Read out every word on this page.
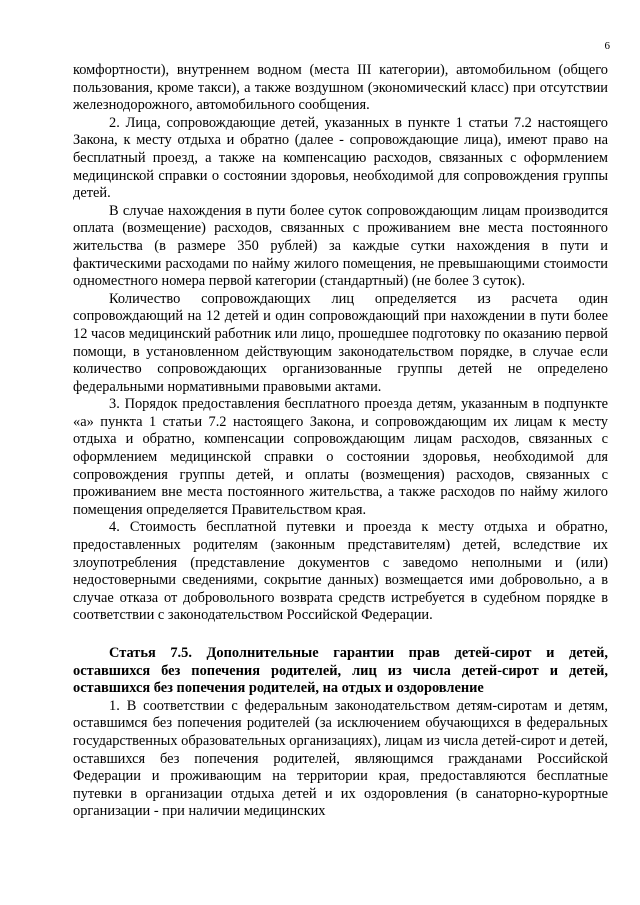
6

комфортности), внутреннем водном (места III категории), автомобильном (общего пользования, кроме такси), а также воздушном (экономический класс) при отсутствии железнодорожного, автомобильного сообщения.

2. Лица, сопровождающие детей, указанных в пункте 1 статьи 7.2 настоящего Закона, к месту отдыха и обратно (далее - сопровождающие лица), имеют право на бесплатный проезд, а также на компенсацию расходов, связанных с оформлением медицинской справки о состоянии здоровья, необходимой для сопровождения группы детей.

В случае нахождения в пути более суток сопровождающим лицам производится оплата (возмещение) расходов, связанных с проживанием вне места постоянного жительства (в размере 350 рублей) за каждые сутки нахождения в пути и фактическими расходами по найму жилого помещения, не превышающими стоимости одноместного номера первой категории (стандартный) (не более 3 суток).

Количество сопровождающих лиц определяется из расчета один сопровождающий на 12 детей и один сопровождающий при нахождении в пути более 12 часов медицинский работник или лицо, прошедшее подготовку по оказанию первой помощи, в установленном действующим законодательством порядке, в случае если количество сопровождающих организованные группы детей не определено федеральными нормативными правовыми актами.

3. Порядок предоставления бесплатного проезда детям, указанным в подпункте «а» пункта 1 статьи 7.2 настоящего Закона, и сопровождающим их лицам к месту отдыха и обратно, компенсации сопровождающим лицам расходов, связанных с оформлением медицинской справки о состоянии здоровья, необходимой для сопровождения группы детей, и оплаты (возмещения) расходов, связанных с проживанием вне места постоянного жительства, а также расходов по найму жилого помещения определяется Правительством края.

4. Стоимость бесплатной путевки и проезда к месту отдыха и обратно, предоставленных родителям (законным представителям) детей, вследствие их злоупотребления (представление документов с заведомо неполными и (или) недостоверными сведениями, сокрытие данных) возмещается ими добровольно, а в случае отказа от добровольного возврата средств истребуется в судебном порядке в соответствии с законодательством Российской Федерации.

Статья 7.5. Дополнительные гарантии прав детей-сирот и детей, оставшихся без попечения родителей, лиц из числа детей-сирот и детей, оставшихся без попечения родителей, на отдых и оздоровление

1. В соответствии с федеральным законодательством детям-сиротам и детям, оставшимся без попечения родителей (за исключением обучающихся в федеральных государственных образовательных организациях), лицам из числа детей-сирот и детей, оставшихся без попечения родителей, являющимся гражданами Российской Федерации и проживающим на территории края, предоставляются бесплатные путевки в организации отдыха детей и их оздоровления (в санаторно-курортные организации - при наличии медицинских
